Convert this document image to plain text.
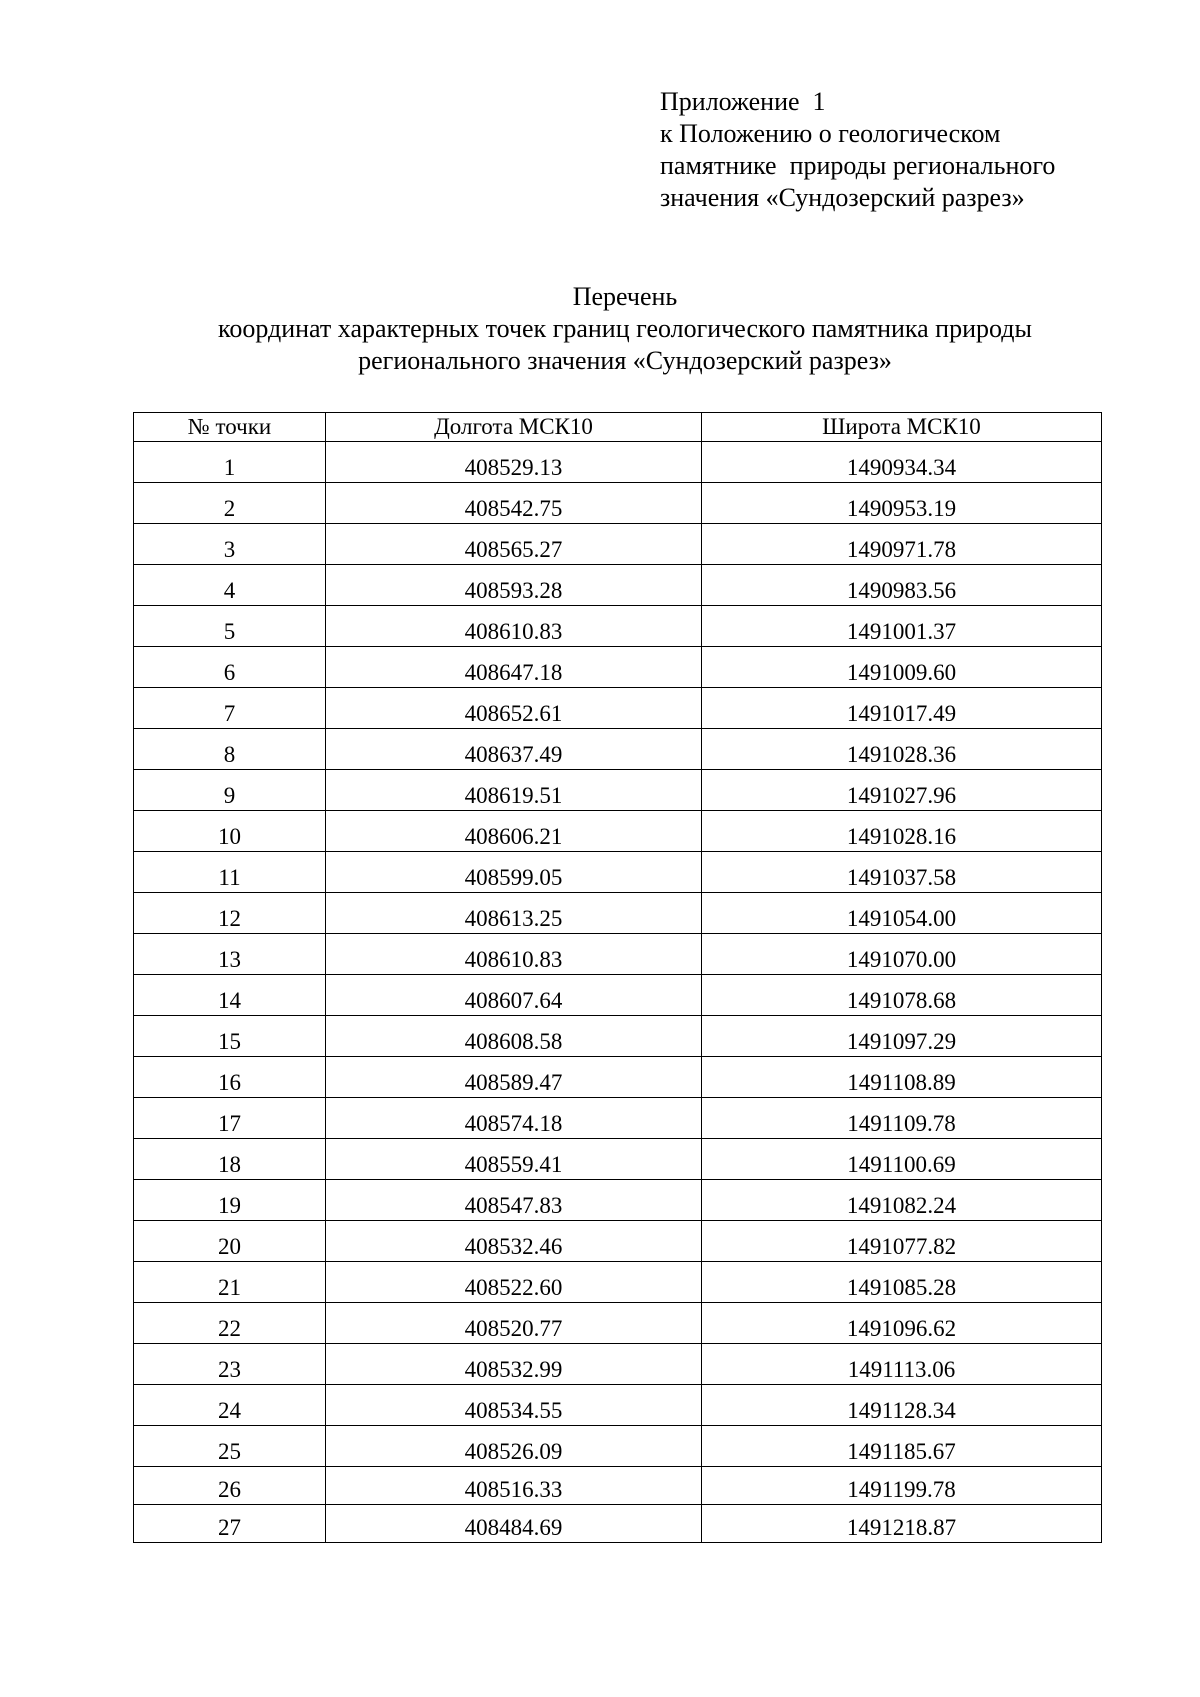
Приложение  1
к Положению о геологическом
памятнике  природы регионального
значения «Сундозерский разрез»
Перечень
координат характерных точек границ геологического памятника природы
регионального значения «Сундозерский разрез»
№ точки	Долгота МСК10	Широта МСК10
1	408529.13	1490934.34
2	408542.75	1490953.19
3	408565.27	1490971.78
4	408593.28	1490983.56
5	408610.83	1491001.37
6	408647.18	1491009.60
7	408652.61	1491017.49
8	408637.49	1491028.36
9	408619.51	1491027.96
10	408606.21	1491028.16
11	408599.05	1491037.58
12	408613.25	1491054.00
13	408610.83	1491070.00
14	408607.64	1491078.68
15	408608.58	1491097.29
16	408589.47	1491108.89
17	408574.18	1491109.78
18	408559.41	1491100.69
19	408547.83	1491082.24
20	408532.46	1491077.82
21	408522.60	1491085.28
22	408520.77	1491096.62
23	408532.99	1491113.06
24	408534.55	1491128.34
25	408526.09	1491185.67
26	408516.33	1491199.78
27	408484.69	1491218.87
